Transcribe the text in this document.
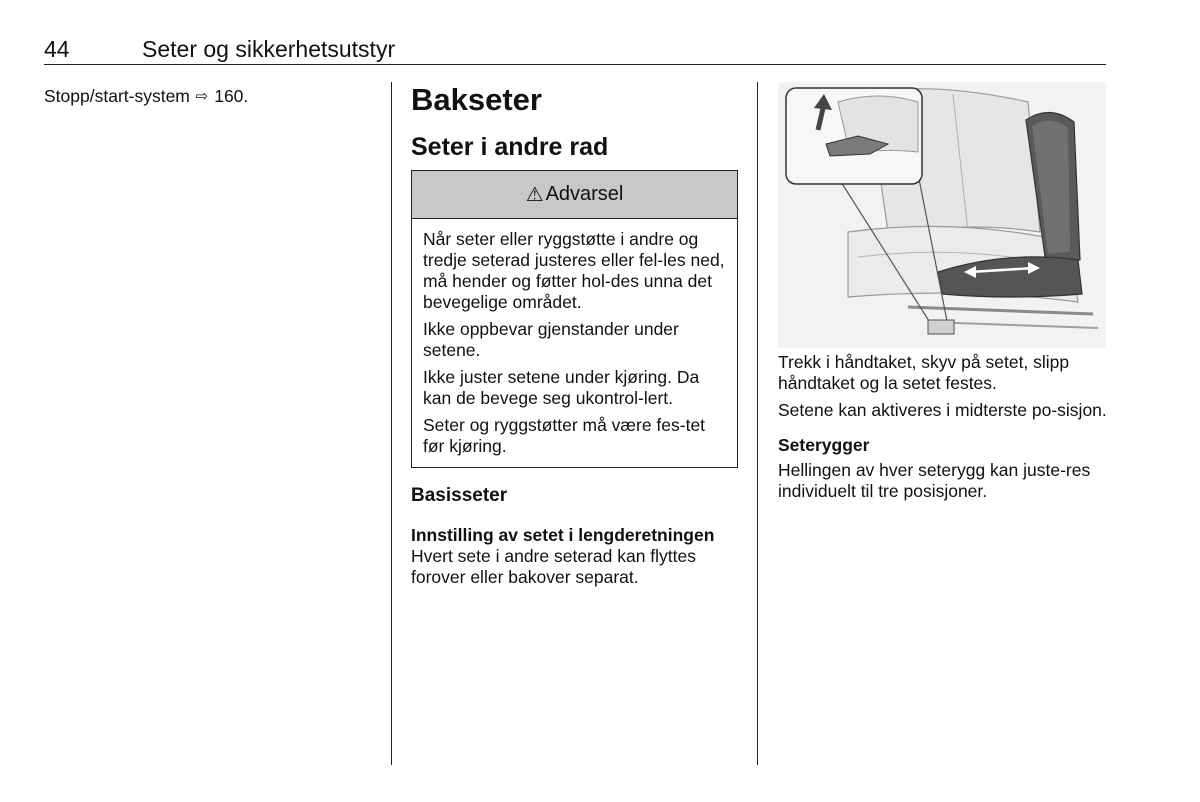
44	Seter og sikkerhetsutstyr
Stopp/start-system ⇨ 160.	Bakseter
Seter i andre rad
⚠ Advarsel

Når seter eller ryggstøtte i andre og tredje seterad justeres eller fel-les ned, må hender og føtter hol-des unna det bevegelige området.

Ikke oppbevar gjenstander under setene.

Ikke juster setene under kjøring. Da kan de bevege seg ukontrol-lert.

Seter og ryggstøtter må være fes-tet før kjøring.

Basisseter
Innstilling av setet i lengderetningen

Hvert sete i andre seterad kan flyttes forover eller bakover separat.

Trekk i håndtaket, skyv på setet, slipp håndtaket og la setet festes.

Setene kan aktiveres i midterste po-sisjon.

Seterygger

Hellingen av hver seterygg kan juste-res individuelt til tre posisjoner.
